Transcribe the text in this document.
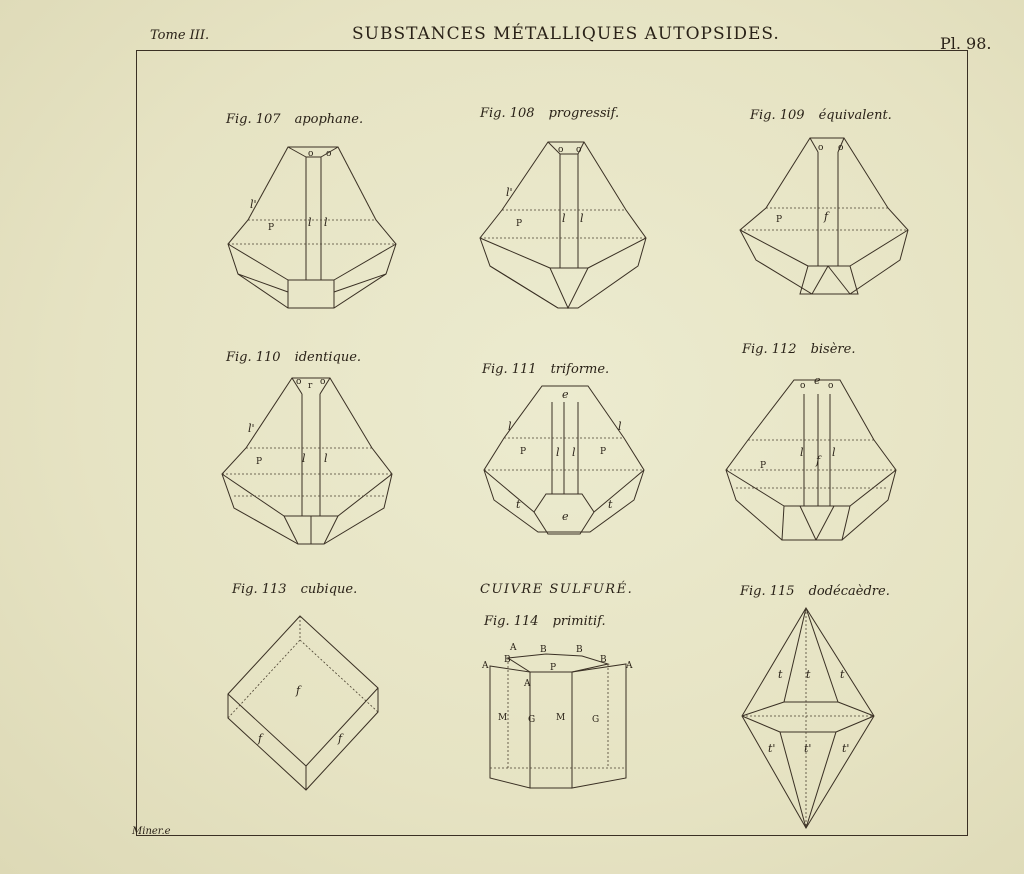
Tome III.	SUBSTANCES MÉTALLIQUES AUTOPSIDES.	Pl. 98.
Fig. 107 apophane.	Fig. 108 progressif.	Fig. 109 équivalent.
Fig. 110 identique.
Fig. 111 triforme.
Fig. 112 bisère.
Fig. 113 cubique.	CUIVRE SULFURÉ.
Fig. 114 primitif.
Fig. 115 dodécaèdre.
l'
P	l l
o o
l'
P	l l
o o
P	f
o o
l'
P	l l
o r o
l	l
P	l l	P
e
e
t	t
P
l
f
l
o e o
f
f	f
A
B
B
A	B
B
A
P
A
M G M	G
t t	t
t'	t'	t'
Miner.e
